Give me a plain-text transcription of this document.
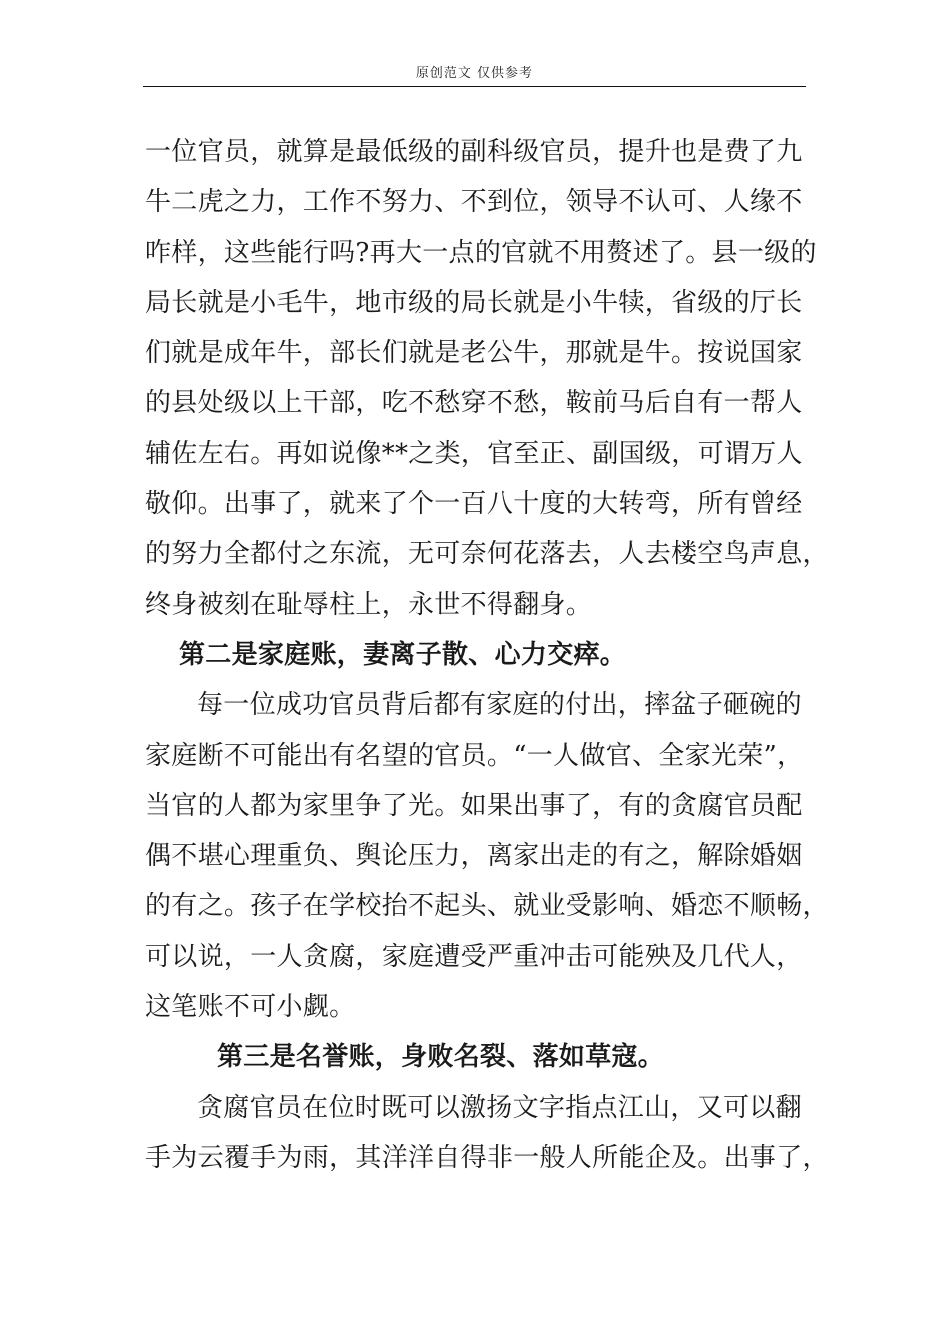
原创范文 仅供参考
一位官员，就算是最低级的副科级官员，提升也是费了九
牛二虎之力，工作不努力、不到位，领导不认可、人缘不
咋样，这些能行吗?再大一点的官就不用赘述了。县一级的
局长就是小毛牛，地市级的局长就是小牛犊，省级的厅长
们就是成年牛，部长们就是老公牛，那就是牛。按说国家
的县处级以上干部，吃不愁穿不愁，鞍前马后自有一帮人
辅佐左右。再如说像**之类，官至正、副国级，可谓万人
敬仰。出事了，就来了个一百八十度的大转弯，所有曾经
的努力全都付之东流，无可奈何花落去，人去楼空鸟声息，
终身被刻在耻辱柱上，永世不得翻身。
第二是家庭账，妻离子散、心力交瘁。
每一位成功官员背后都有家庭的付出，摔盆子砸碗的
家庭断不可能出有名望的官员。“一人做官、全家光荣”，
当官的人都为家里争了光。如果出事了，有的贪腐官员配
偶不堪心理重负、舆论压力，离家出走的有之，解除婚姻
的有之。孩子在学校抬不起头、就业受影响、婚恋不顺畅，
可以说，一人贪腐，家庭遭受严重冲击可能殃及几代人，
这笔账不可小觑。
第三是名誉账，身败名裂、落如草寇。
贪腐官员在位时既可以激扬文字指点江山，又可以翻
手为云覆手为雨，其洋洋自得非一般人所能企及。出事了，
